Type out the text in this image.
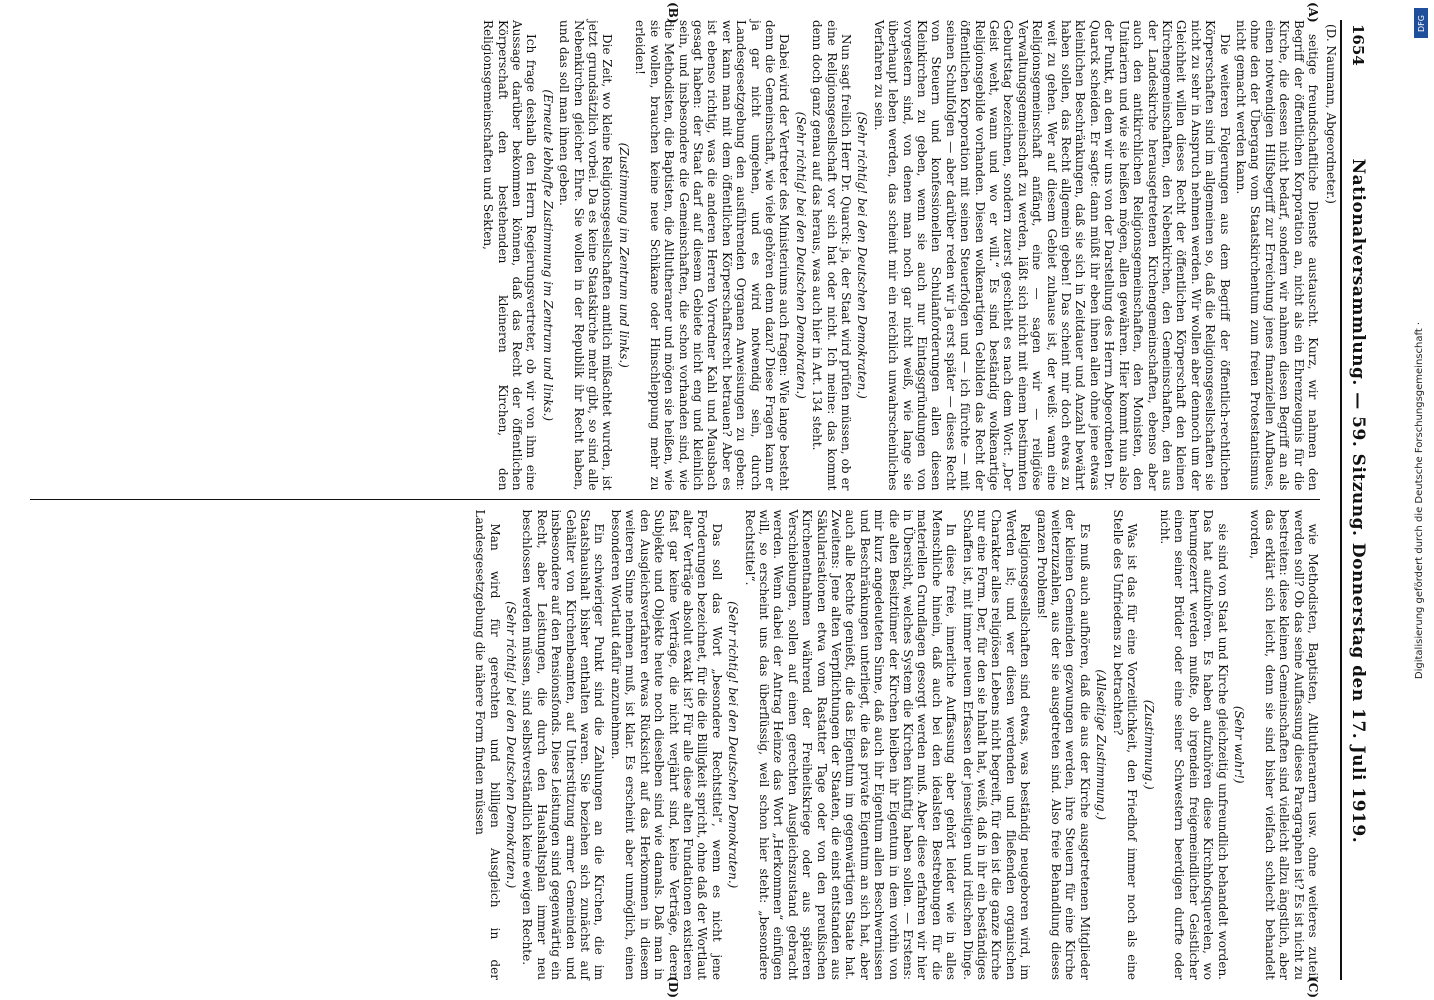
1654
Nationalversammlung. — 59. Sitzung. Donnerstag den 17. Juli 1919.
(D. Naumann, Abgeordneter.)
(A)
(B)

seitige freundschaftliche Dienste austauscht. Kurz, wir nahmen den Begriff der öffentlichen Korporation an, nicht als ein Ehrenzeugnis für die Kirche, die dessen nicht bedarf, sondern wir nahmen diesen Begriff an als einen notwendigen Hilfsbegriff zur Erreichung jenes finanziellen Aufbaues, ohne den der Übergang vom Staatskirchentum zum freien Protestantismus nicht gemacht werden kann.

Die weiteren Folgerungen aus dem Begriff der öffentlich-rechtlichen Körperschaften sind im allgemeinen so, daß die Religionsgesellschaften sie nicht zu sehr in Anspruch nehmen werden. Wir wollen aber dennoch um der Gleichheit willen dieses Recht der öffentlichen Körperschaft den kleinen Kirchengemeinschaften, den Nebenkirchen, den Gemeinschaften, den aus der Landeskirche herausgetretenen Kirchengemeinschaften, ebenso aber auch den antikirchlichen Religionsgemeinschaften, den Monisten, den Unitariern und wie sie heißen mögen, allen gewähren. Hier kommt nun also der Punkt, an dem wir uns von der Darstellung des Herrn Abgeordneten Dr. Quarck scheiden. Er sagte: dann müßt ihr eben ihnen allen ohne jene etwas kleinlichen Beschränkungen, daß sie sich in Zeitdauer und Anzahl bewährt haben sollen, das Recht allgemein geben! Das scheint mir doch etwas zu weit zu gehen. Wer auf diesem Gebiet zuhause ist, der weiß: wann eine Religionsgemeinschaft anfängt, eine — sagen wir — religiöse Verwaltungsgemeinschaft zu werden, läßt sich nicht mit einem bestimmten Geburtstag bezeichnen, sondern zuerst geschieht es nach dem Wort: „Der Geist weht, wann und wo er will.“ Es sind beständig wolkenartige Religionsgebilde vorhanden. Diesen wolkenartigen Gebilden das Recht der öffentlichen Korporation mit seinen Steuerfolgen und — ich fürchte — mit seinen Schulfolgen — aber darüber reden wir ja erst später — dieses Recht von Steuern und konfessionellen Schulanforderungen allen diesen Kleinkirchen zu geben, wenn sie auch nur Eintagsgründungen von vorgestern sind, von denen man noch gar nicht weiß, wie lange sie überhaupt leben werden, das scheint mir ein reichlich unwahrscheinliches Verfahren zu sein.

(Sehr richtig! bei den Deutschen Demokraten.)

Nun sagt freilich Herr Dr. Quarck: ja, der Staat wird prüfen müssen, ob er eine Religionsgesellschaft vor sich hat oder nicht. Ich meine: das kommt denn doch ganz genau auf das heraus, was auch hier in Art. 134 steht.

(Sehr richtig! bei den Deutschen Demokraten.)

Dabei wird der Vertreter des Ministeriums auch fragen: Wie lange besteht denn die Gemeinschaft, wie viele gehören denn dazu? Diese Fragen kann er ja gar nicht umgehen, und es wird notwendig sein, durch Landesgesetzgebung den ausführenden Organen Anweisungen zu geben: wer kann man mit dem öffentlichen Körperschaftsrecht betrauen? Aber es ist ebenso richtig, was die anderen Herren Vorredner Kahl und Mausbach gesagt haben: der Staat darf auf diesem Gebiete nicht eng und kleinlich sein, und insbesondere die Gemeinschaften, die schon vorhanden sind, wie die Methodisten, die Baptisten, die Altlutheraner und mögen sie heißen, wie sie wollen, brauchen keine neue Schikane oder Hinschleppung mehr zu erleiden!

(Zustimmung im Zentrum und links.)

Die Zeit, wo kleine Religionsgesellschaften amtlich mißachtet wurden, ist jetzt grundsätzlich vorbei. Da es keine Staatskirche mehr gibt, so sind alle Nebenkirchen gleicher Ehre. Sie wollen in der Republik ihr Recht haben, und das soll man ihnen geben.

(Erneute lebhafte Zustimmung im Zentrum und links.)

Ich frage deshalb den Herrn Regierungsvertreter, ob wir von ihm eine Aussage darüber bekommen können, daß das Recht der öffentlichen Körperschaft den bestehenden kleineren Kirchen, den Religionsgemeinschaften und Sekten,

(C)
(D)

wie Methodisten, Baptisten, Altlutheranern usw. ohne weiteres zuteil werden soll? Ob das seine Auffassung dieses Paragraphen ist? Es ist nicht zu bestreiten: diese kleinen Gemeinschaften sind vielleicht allzu ängstlich, aber das erklärt sich leicht, denn sie sind bisher vielfach schlecht behandelt worden,

(Sehr wahr!)

sie sind von Staat und Kirche gleichzeitig unfreundlich behandelt worden. Das hat aufzuhören. Es haben aufzuhören diese Kirchhofsquerelen, wo herumgezerrt werden mußte, ob irgendein freigemeindlicher Geistlicher einen seiner Brüder oder eine seiner Schwestern beerdigen durfte oder nicht.

(Zustimmung.)

Was ist das für eine Vorzeitlichkeit, den Friedhof immer noch als eine Stelle des Unfriedens zu betrachten?

(Allseitige Zustimmung.)

Es muß auch aufhören, daß die aus der Kirche ausgetretenen Mitglieder der kleinen Gemeinden gezwungen werden, ihre Steuern für eine Kirche weiterzuzahlen, aus der sie ausgetreten sind. Also freie Behandlung dieses ganzen Problems!

Religionsgesellschaften sind etwas, was beständig neugeboren wird, im Werden ist; und wer diesen werdenden und fließenden organischen Charakter alles religiösen Lebens nicht begreift, für den ist die ganze Kirche nur eine Form. Der, für den sie Inhalt hat, weiß, daß in ihr ein beständiges Schaffen ist, mit immer neuem Erfassen der jenseitigen und irdischen Dinge.

In diese freie, innerliche Auffassung aber gehört leider wie in alles Menschliche hinein, daß auch bei den idealsten Bestrebungen für die materiellen Grundlagen gesorgt werden muß. Aber diese erfahren wir hier in Übersicht, welches System die Kirchen künftig haben sollen. — Erstens: die alten Besitztümer der Kirchen bleiben ihr Eigentum in dem vorhin von mir kurz angedeuteten Sinne, daß auch ihr Eigentum allen Beschwernissen und Beschränkungen unterliegt, die das private Eigentum an sich hat, aber auch alle Rechte genießt, die das Eigentum im gegenwärtigen Staate hat. Zweitens: Jene alten Verpflichtungen der Staaten, die einst entstanden aus Säkularisationen etwa vom Rastatter Tage oder von den preußischen Kirchenentnahmen während der Freiheitskriege oder aus späteren Verschiebungen, sollen auf einen gerechten Ausgleichszustand gebracht werden. Wenn dabei der Antrag Heinze das Wort „Herkommen“ einfügen will, so erscheint uns das überflüssig, weil schon hier steht: „besondere Rechtstitel“.

(Sehr richtig! bei den Deutschen Demokraten.)

Das soll das Wort „besondere Rechtstitel“, wenn es nicht jene Forderungen bezeichnet, für die die Billigkeit spricht, ohne daß der Wortlaut alter Verträge absolut exakt ist? Für alle diese alten Fundationen existieren fast gar keine Verträge, die nicht verjährt sind, keine Verträge, deren Subjekte und Objekte heute noch dieselben sind wie damals. Daß man in den Ausgleichsverfahren etwas Rücksicht auf das Herkommen in diesem weiteren Sinne nehmen muß, ist klar. Es erscheint aber unmöglich, einen besonderen Wortlaut dafür anzunehmen.

Ein schwieriger Punkt sind die Zahlungen an die Kirchen, die im Staatshaushalt bisher enthalten waren. Sie beziehen sich zunächst auf Gehälter von Kirchenbeamten, auf Unterstützung armer Gemeinden und insbesondere auf den Pensionsfonds. Diese Leistungen sind gegenwärtig ein Recht, aber Leistungen, die durch den Haushaltsplan immer neu beschlossen werden müssen, sind selbstverständlich keine ewigen Rechte.

(Sehr richtig! bei den Deutschen Demokraten.)

Man wird für gerechten und billigen Ausgleich in der Landesgesetzgebung die nähere Form finden müssen	Digitalisierung gefördert durch die Deutsche Forschungsgemeinschaft ·
DFG
